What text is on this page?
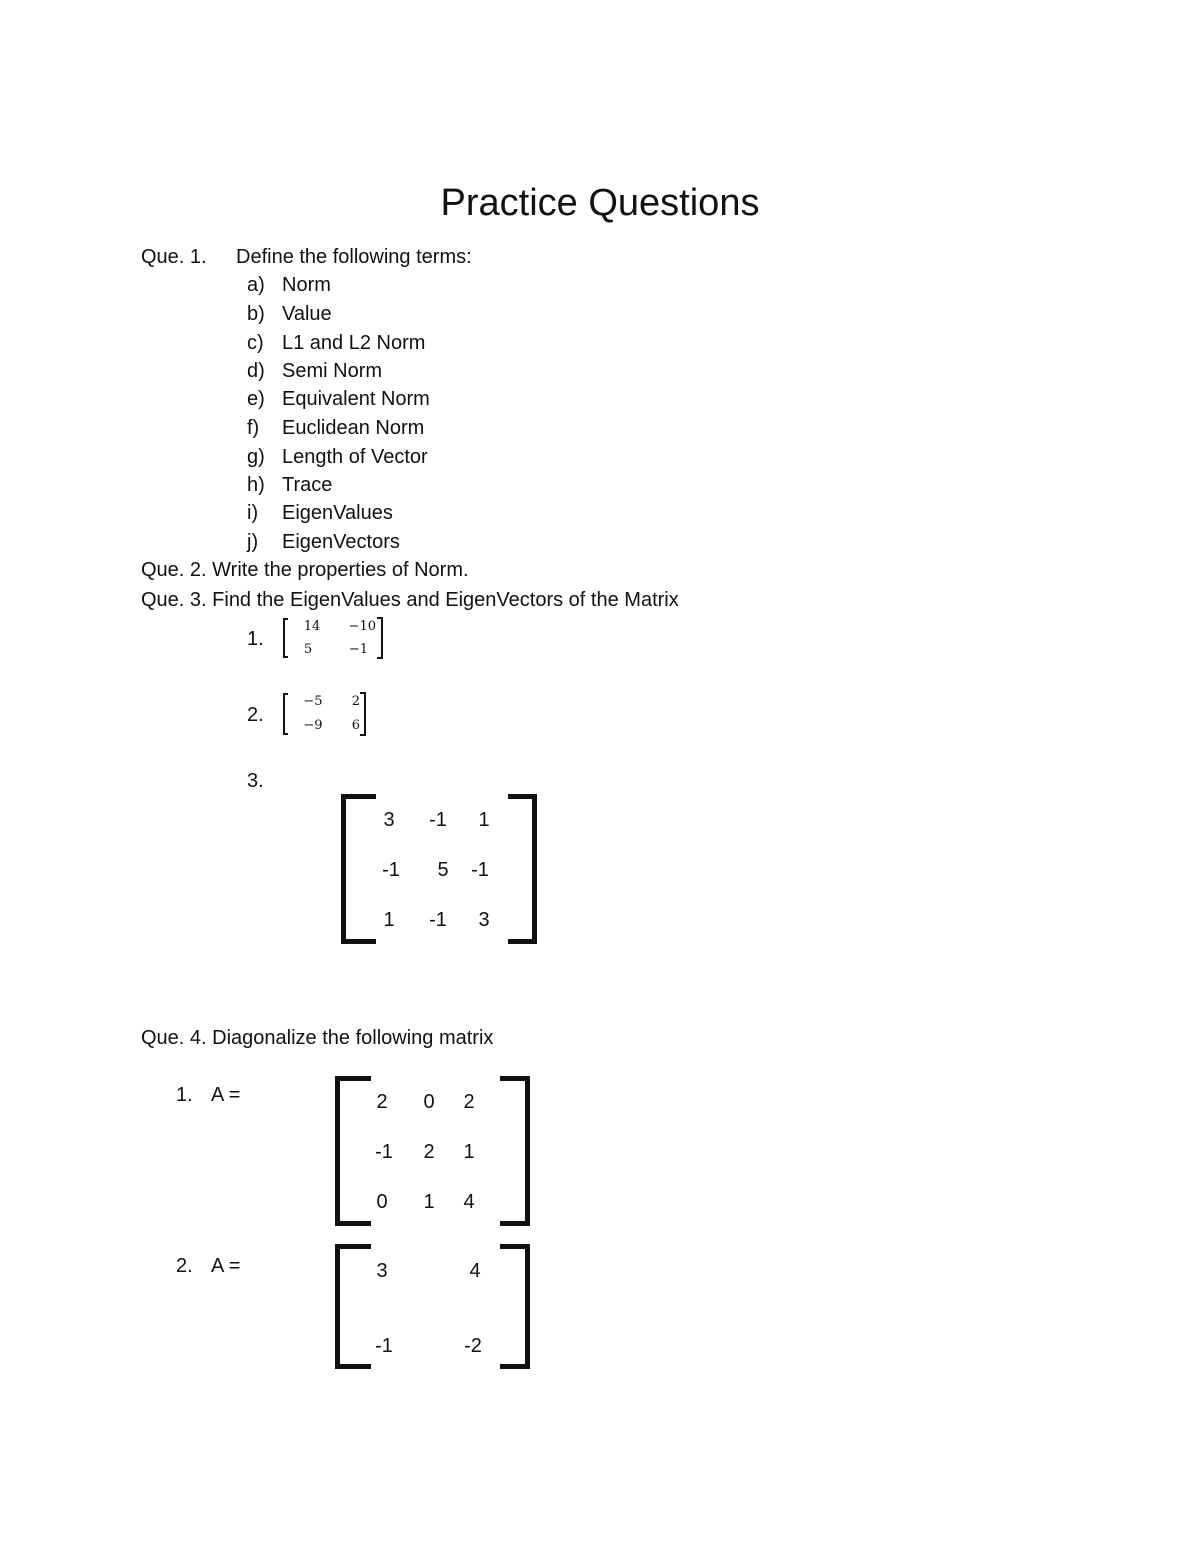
Practice Questions
Que. 1. Define the following terms:
a) Norm
b) Value
c) L1 and L2 Norm
d) Semi Norm
e) Equivalent Norm
f) Euclidean Norm
g) Length of Vector
h) Trace
i) EigenValues
j) EigenVectors
Que. 2. Write the properties of Norm.
Que. 3. Find the EigenValues and EigenVectors of the Matrix
1.
14	−10
5	−1
2.
−5	2
−9	6
3.
3	-1	1
-1	5	-1
1	-1	3
Que. 4. Diagonalize the following matrix
1. A =	2	0	2
-1	2	1
0	1	4
2. A =	3	4
-1	-2
